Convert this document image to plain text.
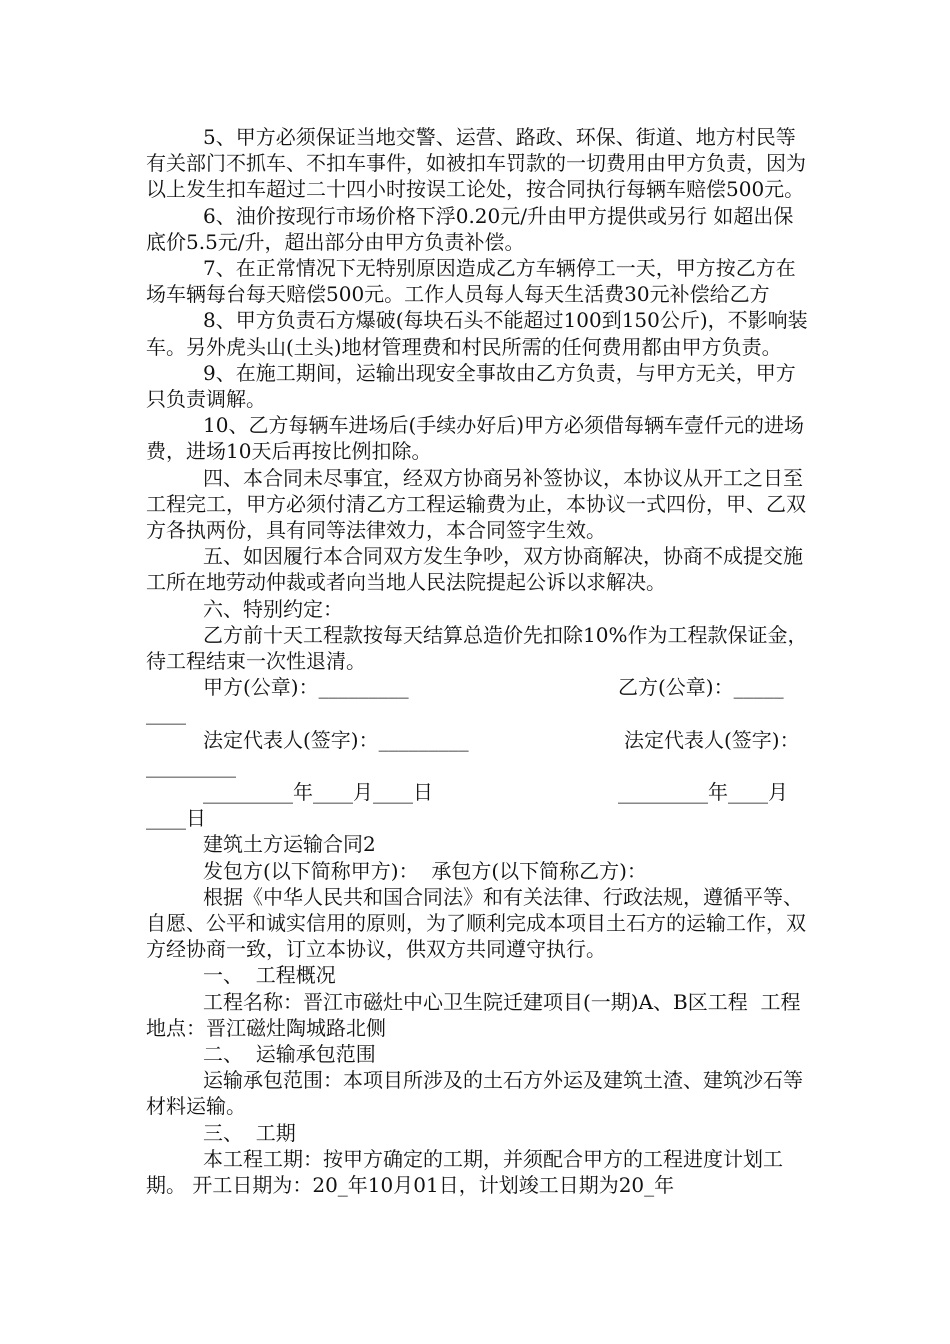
5、甲方必须保证当地交警、运营、路政、环保、街道、地方村民等有关部门不抓车、不扣车事件，如被扣车罚款的一切费用由甲方负责，因为以上发生扣车超过二十四小时按误工论处，按合同执行每辆车赔偿500元。

6、油价按现行市场价格下浮0.20元/升由甲方提供或另行 如超出保底价5.5元/升，超出部分由甲方负责补偿。

7、在正常情况下无特别原因造成乙方车辆停工一天，甲方按乙方在场车辆每台每天赔偿500元。工作人员每人每天生活费30元补偿给乙方

8、甲方负责石方爆破(每块石头不能超过100到150公斤)，不影响装车。另外虎头山(土头)地材管理费和村民所需的任何费用都由甲方负责。

9、在施工期间，运输出现安全事故由乙方负责，与甲方无关，甲方只负责调解。

10、乙方每辆车进场后(手续办好后)甲方必须借每辆车壹仟元的进场费，进场10天后再按比例扣除。

四、本合同未尽事宜，经双方协商另补签协议，本协议从开工之日至工程完工，甲方必须付清乙方工程运输费为止，本协议一式四份，甲、乙双方各执两份，具有同等法律效力，本合同签字生效。

五、如因履行本合同双方发生争吵，双方协商解决，协商不成提交施工所在地劳动仲裁或者向当地人民法院提起公诉以求解决。

六、特别约定：

乙方前十天工程款按每天结算总造价先扣除10%作为工程款保证金，待工程结束一次性退清。

甲方(公章)：_________	乙方(公章)：_____
____
法定代表人(签字)：_________	法定代表人(签字)：
_________
_________年____月____日	_________年____月
____日

建筑土方运输合同2

发包方(以下简称甲方)：  承包方(以下简称乙方)：

根据《中华人民共和国合同法》和有关法律、行政法规，遵循平等、自愿、公平和诚实信用的原则，为了顺利完成本项目土石方的运输工作，双方经协商一致，订立本协议，供双方共同遵守执行。

一、  工程概况

工程名称：晋江市磁灶中心卫生院迁建项目(一期)A、B区工程  工程地点：晋江磁灶陶城路北侧

二、  运输承包范围

运输承包范围：本项目所涉及的土石方外运及建筑土渣、建筑沙石等材料运输。

三、  工期

本工程工期：按甲方确定的工期，并须配合甲方的工程进度计划工期。 开工日期为：20_年10月01日，计划竣工日期为20_年
